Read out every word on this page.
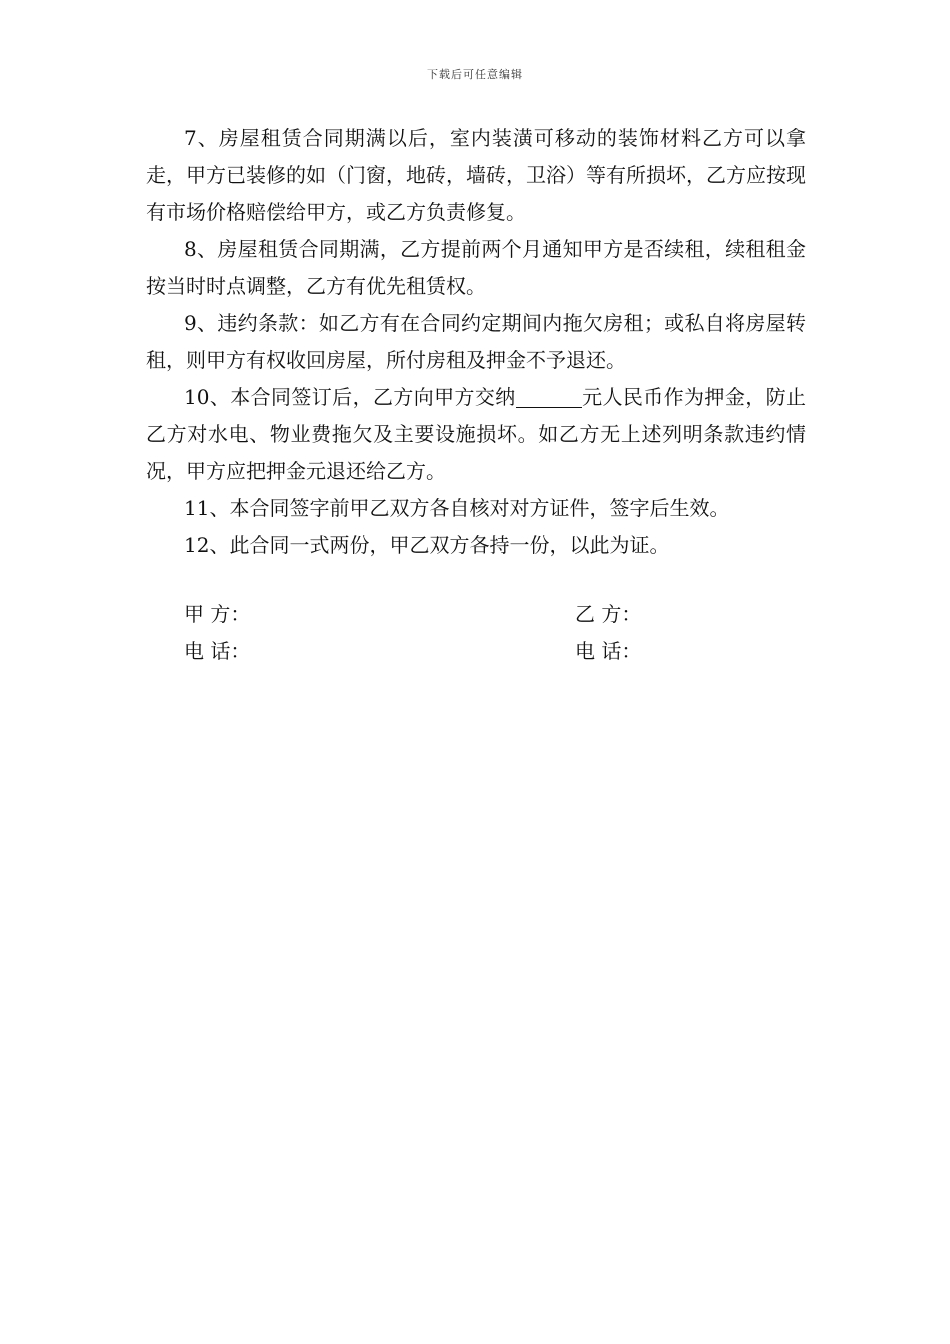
下载后可任意编辑

7、房屋租赁合同期满以后，室内装潢可移动的装饰材料乙方可以拿走，甲方已装修的如（门窗，地砖，墙砖，卫浴）等有所损坏，乙方应按现有市场价格赔偿给甲方，或乙方负责修复。

8、房屋租赁合同期满，乙方提前两个月通知甲方是否续租，续租租金按当时时点调整，乙方有优先租赁权。

9、违约条款：如乙方有在合同约定期间内拖欠房租；或私自将房屋转租，则甲方有权收回房屋，所付房租及押金不予退还。

10、本合同签订后，乙方向甲方交纳	元人民币作为押金，防止乙方对水电、物业费拖欠及主要设施损坏。如乙方无上述列明条款违约情况，甲方应把押金元退还给乙方。

11、本合同签字前甲乙双方各自核对对方证件，签字后生效。

12、此合同一式两份，甲乙双方各持一份，以此为证。

甲 方：
电 话：
乙 方：
电 话：
